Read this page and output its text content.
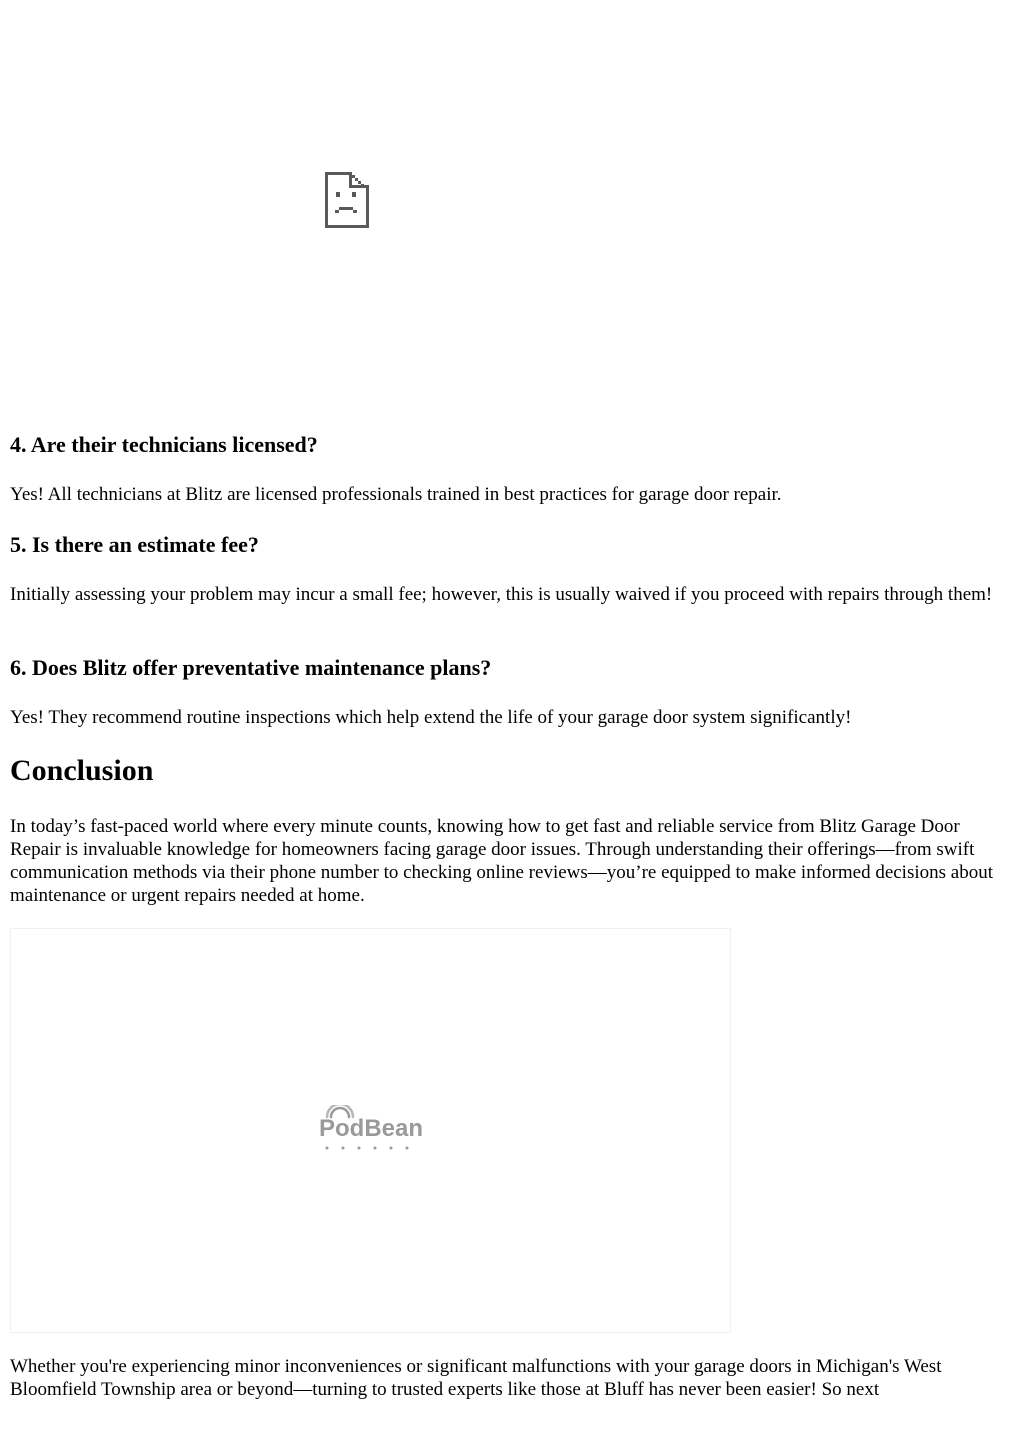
4. Are their technicians licensed?

Yes! All technicians at Blitz are licensed professionals trained in best practices for garage door repair.

5. Is there an estimate fee?

Initially assessing your problem may incur a small fee; however, this is usually waived if you proceed with repairs through them!

6. Does Blitz offer preventative maintenance plans?

Yes! They recommend routine inspections which help extend the life of your garage door system significantly!

Conclusion

In today’s fast-paced world where every minute counts, knowing how to get fast and reliable service from Blitz Garage Door Repair is invaluable knowledge for homeowners facing garage door issues. Through understanding their offerings—from swift communication methods via their phone number to checking online reviews—you’re equipped to make informed decisions about maintenance or urgent repairs needed at home.

PodBean

Whether you're experiencing minor inconveniences or significant malfunctions with your garage doors in Michigan's West Bloomfield Township area or beyond—turning to trusted experts like those at Bluff has never been easier! So next
